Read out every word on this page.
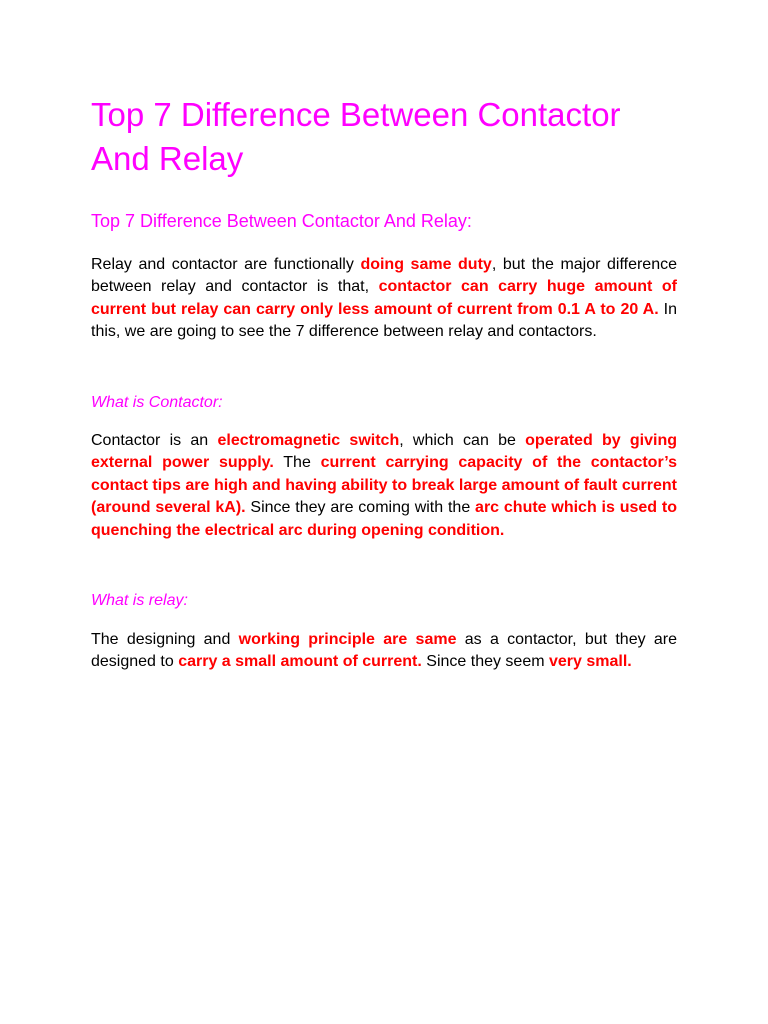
Top 7 Difference Between Contactor And Relay
Top 7 Difference Between Contactor And Relay:

Relay and contactor are functionally doing same duty, but the major difference between relay and contactor is that, contactor can carry huge amount of current but relay can carry only less amount of current from 0.1 A to 20 A. In this, we are going to see the 7 difference between relay and contactors.

What is Contactor:

Contactor is an electromagnetic switch, which can be operated by giving external power supply. The current carrying capacity of the contactor’s contact tips are high and having ability to break large amount of fault current (around several kA). Since they are coming with the arc chute which is used to quenching the electrical arc during opening condition.

What is relay:

The designing and working principle are same as a contactor, but they are designed to carry a small amount of current. Since they seem very small.
